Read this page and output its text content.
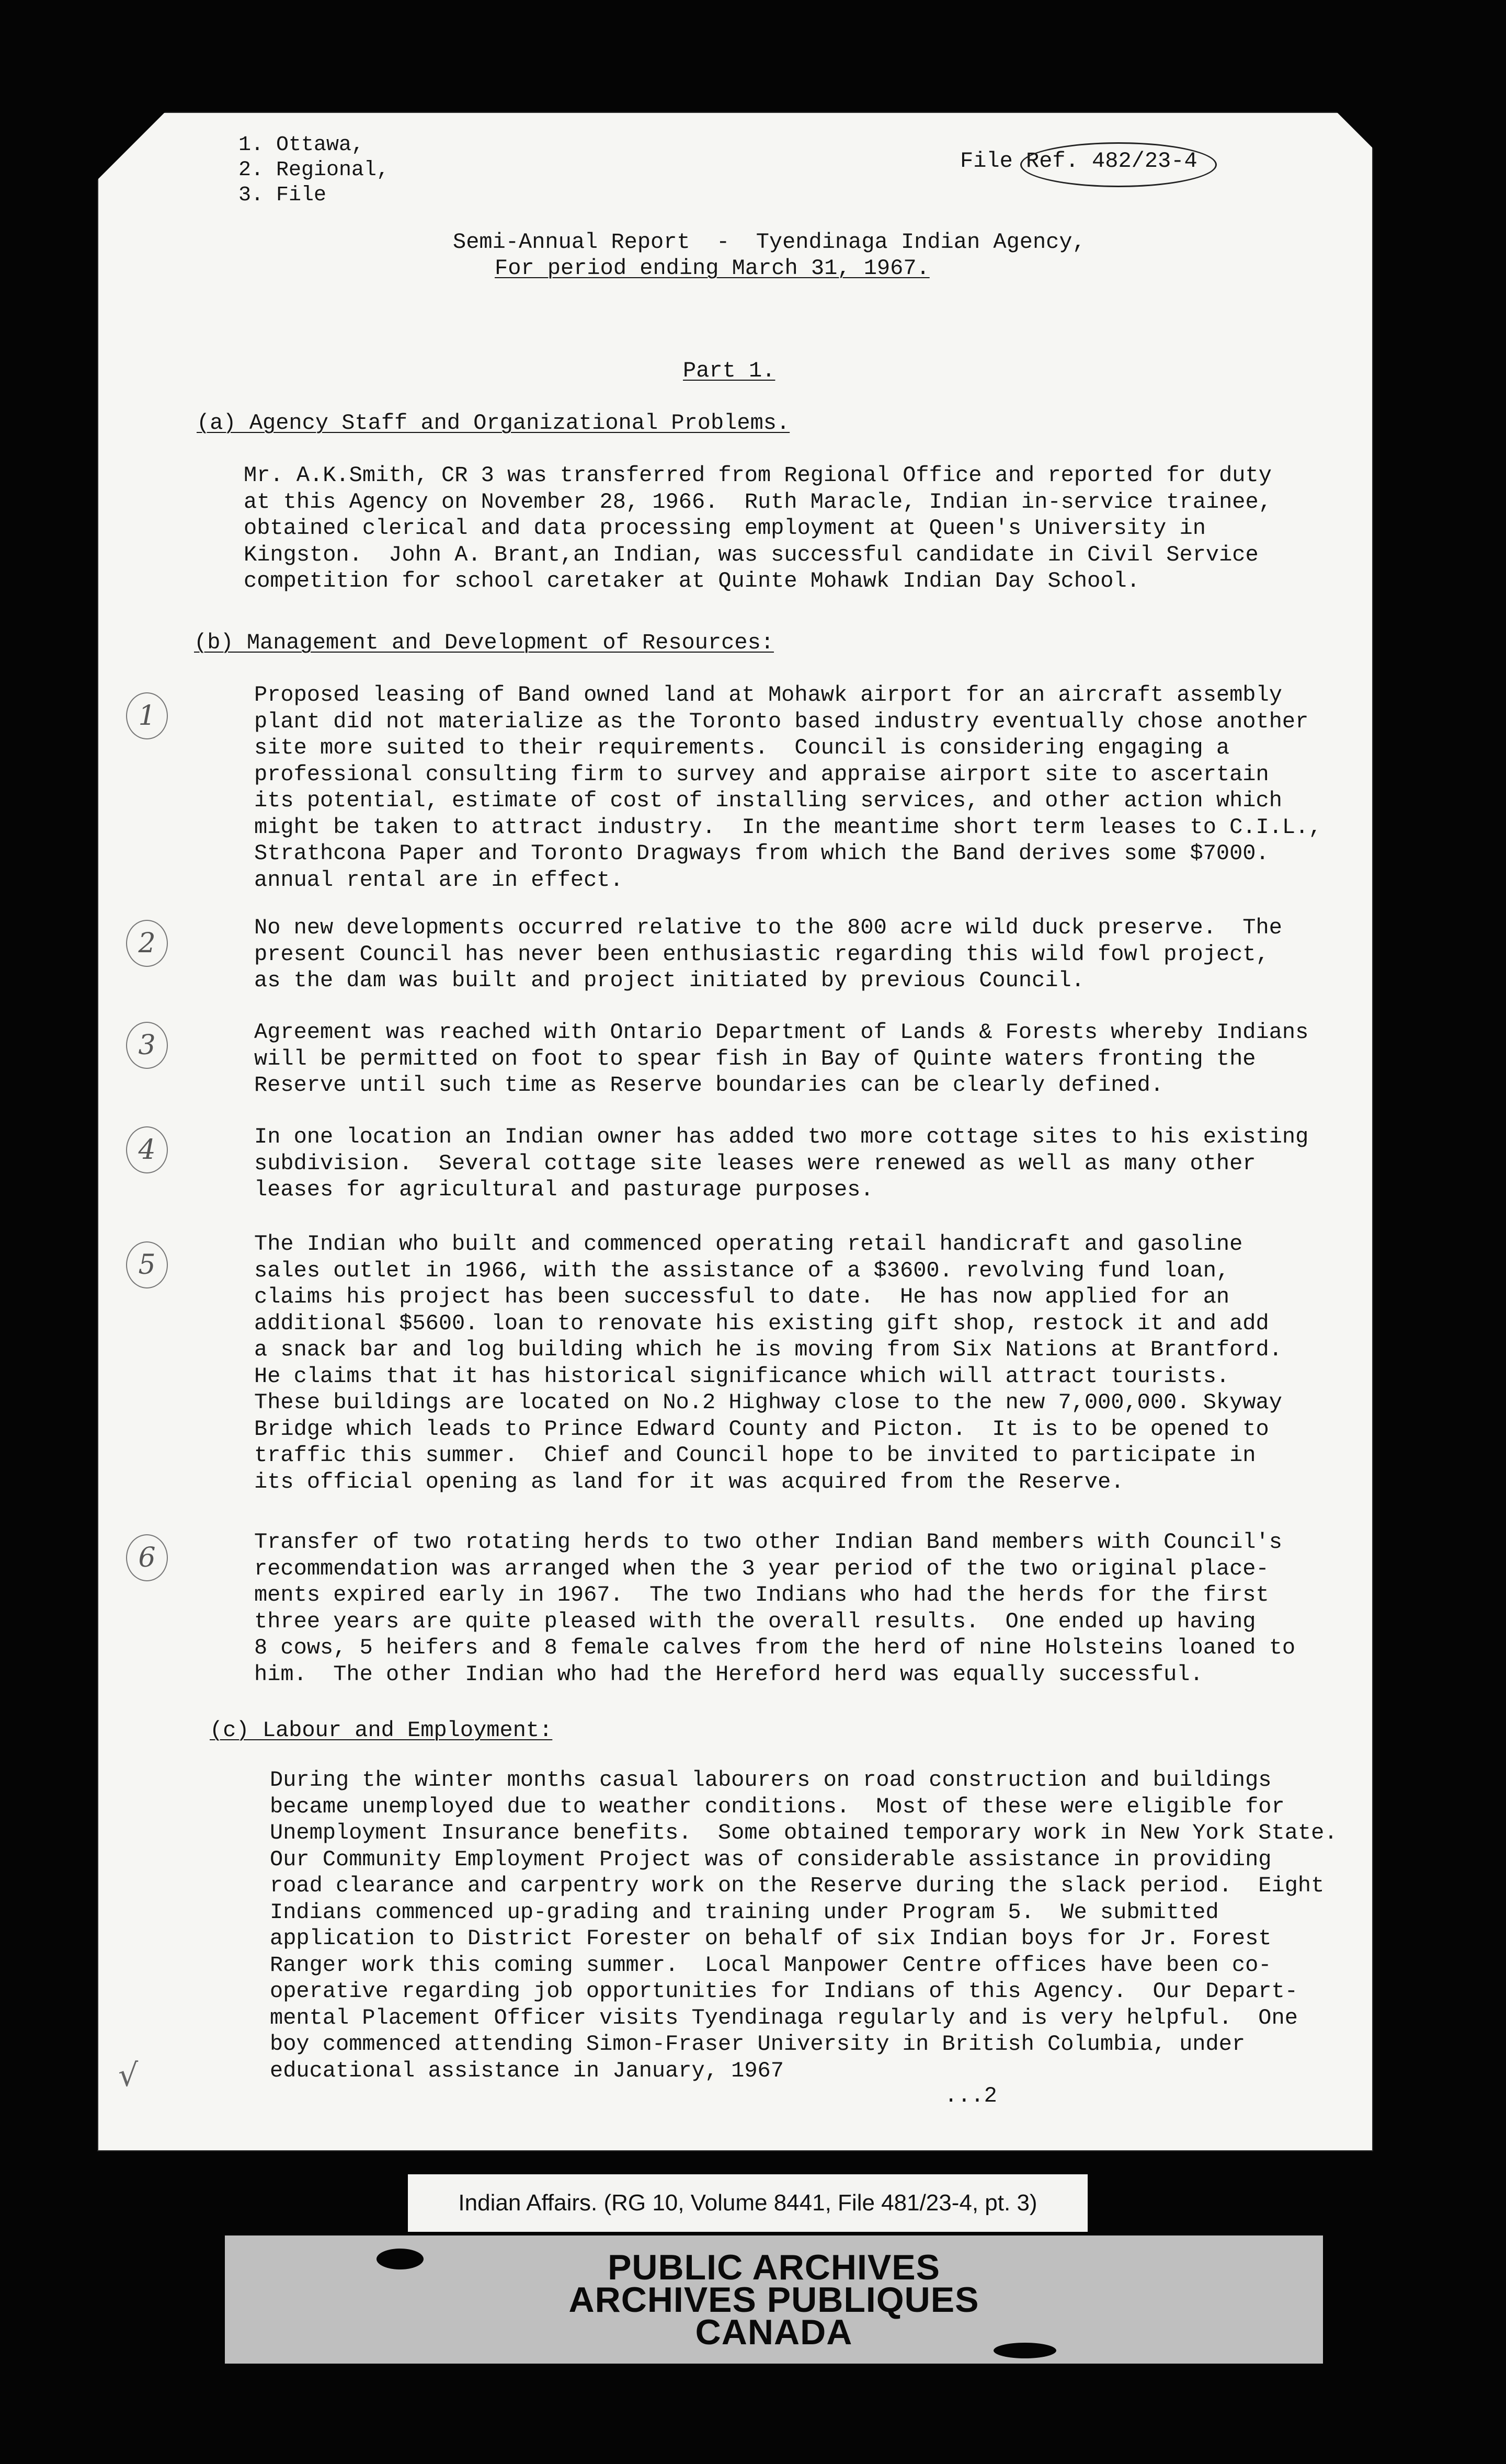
1. Ottawa,
2. Regional,
3. File
File Ref. 482/23-4
Semi-Annual Report  -  Tyendinaga Indian Agency,
For period ending March 31, 1967.
Part 1.
(a) Agency Staff and Organizational Problems.
Mr. A.K.Smith, CR 3 was transferred from Regional Office and reported for duty
at this Agency on November 28, 1966.  Ruth Maracle, Indian in-service trainee,
obtained clerical and data processing employment at Queen's University in
Kingston.  John A. Brant,an Indian, was successful candidate in Civil Service
competition for school caretaker at Quinte Mohawk Indian Day School.
(b) Management and Development of Resources:
1
Proposed leasing of Band owned land at Mohawk airport for an aircraft assembly
plant did not materialize as the Toronto based industry eventually chose another
site more suited to their requirements.  Council is considering engaging a
professional consulting firm to survey and appraise airport site to ascertain
its potential, estimate of cost of installing services, and other action which
might be taken to attract industry.  In the meantime short term leases to C.I.L.,
Strathcona Paper and Toronto Dragways from which the Band derives some $7000.
annual rental are in effect.
2	No new developments occurred relative to the 800 acre wild duck preserve.  The
present Council has never been enthusiastic regarding this wild fowl project,
as the dam was built and project initiated by previous Council.
3	Agreement was reached with Ontario Department of Lands & Forests whereby Indians
will be permitted on foot to spear fish in Bay of Quinte waters fronting the
Reserve until such time as Reserve boundaries can be clearly defined.
4	In one location an Indian owner has added two more cottage sites to his existing
subdivision.  Several cottage site leases were renewed as well as many other
leases for agricultural and pasturage purposes.
5
The Indian who built and commenced operating retail handicraft and gasoline
sales outlet in 1966, with the assistance of a $3600. revolving fund loan,
claims his project has been successful to date.  He has now applied for an
additional $5600. loan to renovate his existing gift shop, restock it and add
a snack bar and log building which he is moving from Six Nations at Brantford.
He claims that it has historical significance which will attract tourists.
These buildings are located on No.2 Highway close to the new 7,000,000. Skyway
Bridge which leads to Prince Edward County and Picton.  It is to be opened to
traffic this summer.  Chief and Council hope to be invited to participate in
its official opening as land for it was acquired from the Reserve.
6	Transfer of two rotating herds to two other Indian Band members with Council's
recommendation was arranged when the 3 year period of the two original place-
ments expired early in 1967.  The two Indians who had the herds for the first
three years are quite pleased with the overall results.  One ended up having
8 cows, 5 heifers and 8 female calves from the herd of nine Holsteins loaned to
him.  The other Indian who had the Hereford herd was equally successful.
(c) Labour and Employment:
During the winter months casual labourers on road construction and buildings
became unemployed due to weather conditions.  Most of these were eligible for
Unemployment Insurance benefits.  Some obtained temporary work in New York State.
Our Community Employment Project was of considerable assistance in providing
road clearance and carpentry work on the Reserve during the slack period.  Eight
Indians commenced up-grading and training under Program 5.  We submitted
application to District Forester on behalf of six Indian boys for Jr. Forest
Ranger work this coming summer.  Local Manpower Centre offices have been co-
operative regarding job opportunities for Indians of this Agency.  Our Depart-
mental Placement Officer visits Tyendinaga regularly and is very helpful.  One
boy commenced attending Simon-Fraser University in British Columbia, under
educational assistance in January, 1967
√
...2
Indian Affairs. (RG 10, Volume 8441, File 481/23-4, pt. 3)
PUBLIC ARCHIVES
ARCHIVES PUBLIQUES
CANADA
